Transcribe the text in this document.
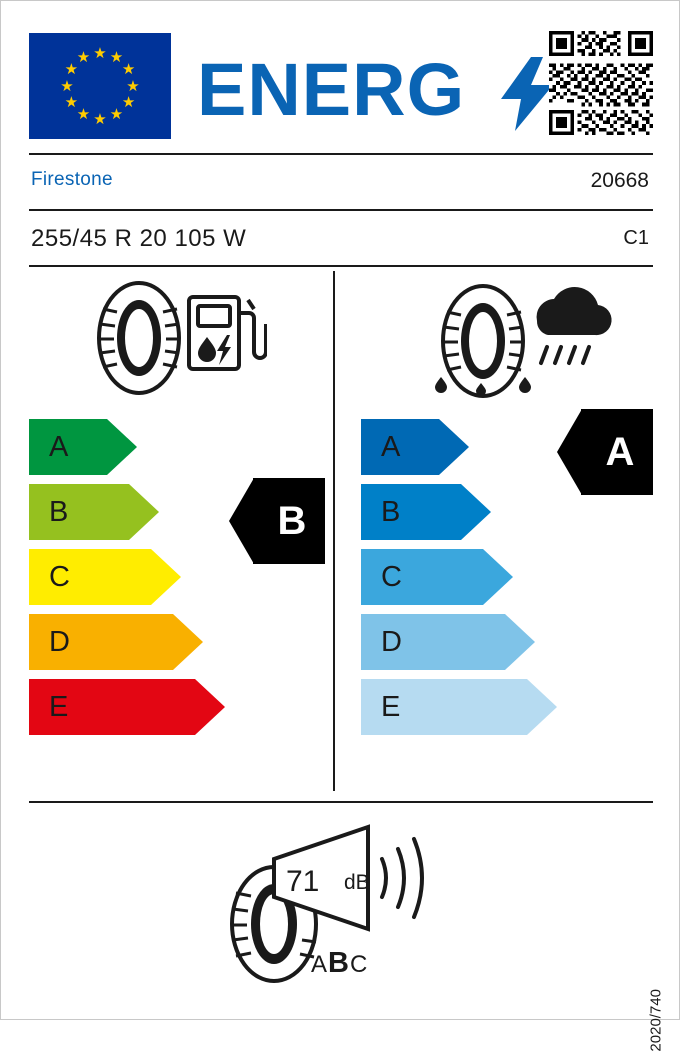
★ ★
★
★
★
★
★
★
★
★
★
★ ENERG
Firestone	20668
255/45 R 20 105 W	C1
A
B
C
D
E
B
A
B
C
D
E
A
71 dB
ABC
2020/740
